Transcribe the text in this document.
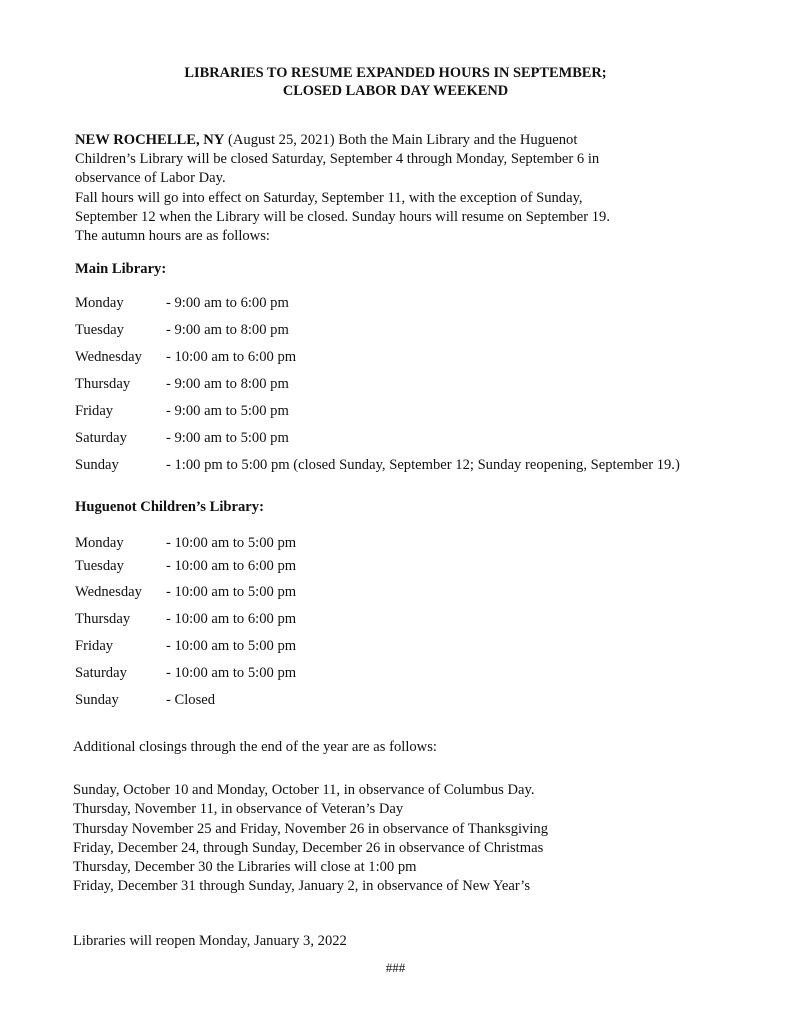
LIBRARIES TO RESUME EXPANDED HOURS IN SEPTEMBER;
CLOSED LABOR DAY WEEKEND

NEW ROCHELLE, NY (August 25, 2021) Both the Main Library and the Huguenot

Children’s Library will be closed Saturday, September 4 through Monday, September 6 in

observance of Labor Day.

Fall hours will go into effect on Saturday, September 11, with the exception of Sunday,

September 12 when the Library will be closed. Sunday hours will resume on September 19.

The autumn hours are as follows:

Main Library:

Monday	- 9:00 am to 6:00 pm
Tuesday	- 9:00 am to 8:00 pm
Wednesday - 10:00 am to 6:00 pm
Thursday - 9:00 am to 8:00 pm
Friday	- 9:00 am to 5:00 pm
Saturday	- 9:00 am to 5:00 pm
Sunday	- 1:00 pm to 5:00 pm (closed Sunday, September 12; Sunday reopening, September 19.)

Huguenot Children’s Library:

Monday	- 10:00 am to 5:00 pm
Tuesday	- 10:00 am to 6:00 pm
Wednesday - 10:00 am to 5:00 pm
Thursday - 10:00 am to 6:00 pm
Friday	- 10:00 am to 5:00 pm
Saturday	- 10:00 am to 5:00 pm
Sunday	- Closed

Additional closings through the end of the year are as follows:

Sunday, October 10 and Monday, October 11, in observance of Columbus Day.
Thursday, November 11, in observance of Veteran’s Day
Thursday November 25 and Friday, November 26 in observance of Thanksgiving
Friday, December 24, through Sunday, December 26 in observance of Christmas
Thursday, December 30 the Libraries will close at 1:00 pm
Friday, December 31 through Sunday, January 2, in observance of New Year’s

Libraries will reopen Monday, January 3, 2022

###
